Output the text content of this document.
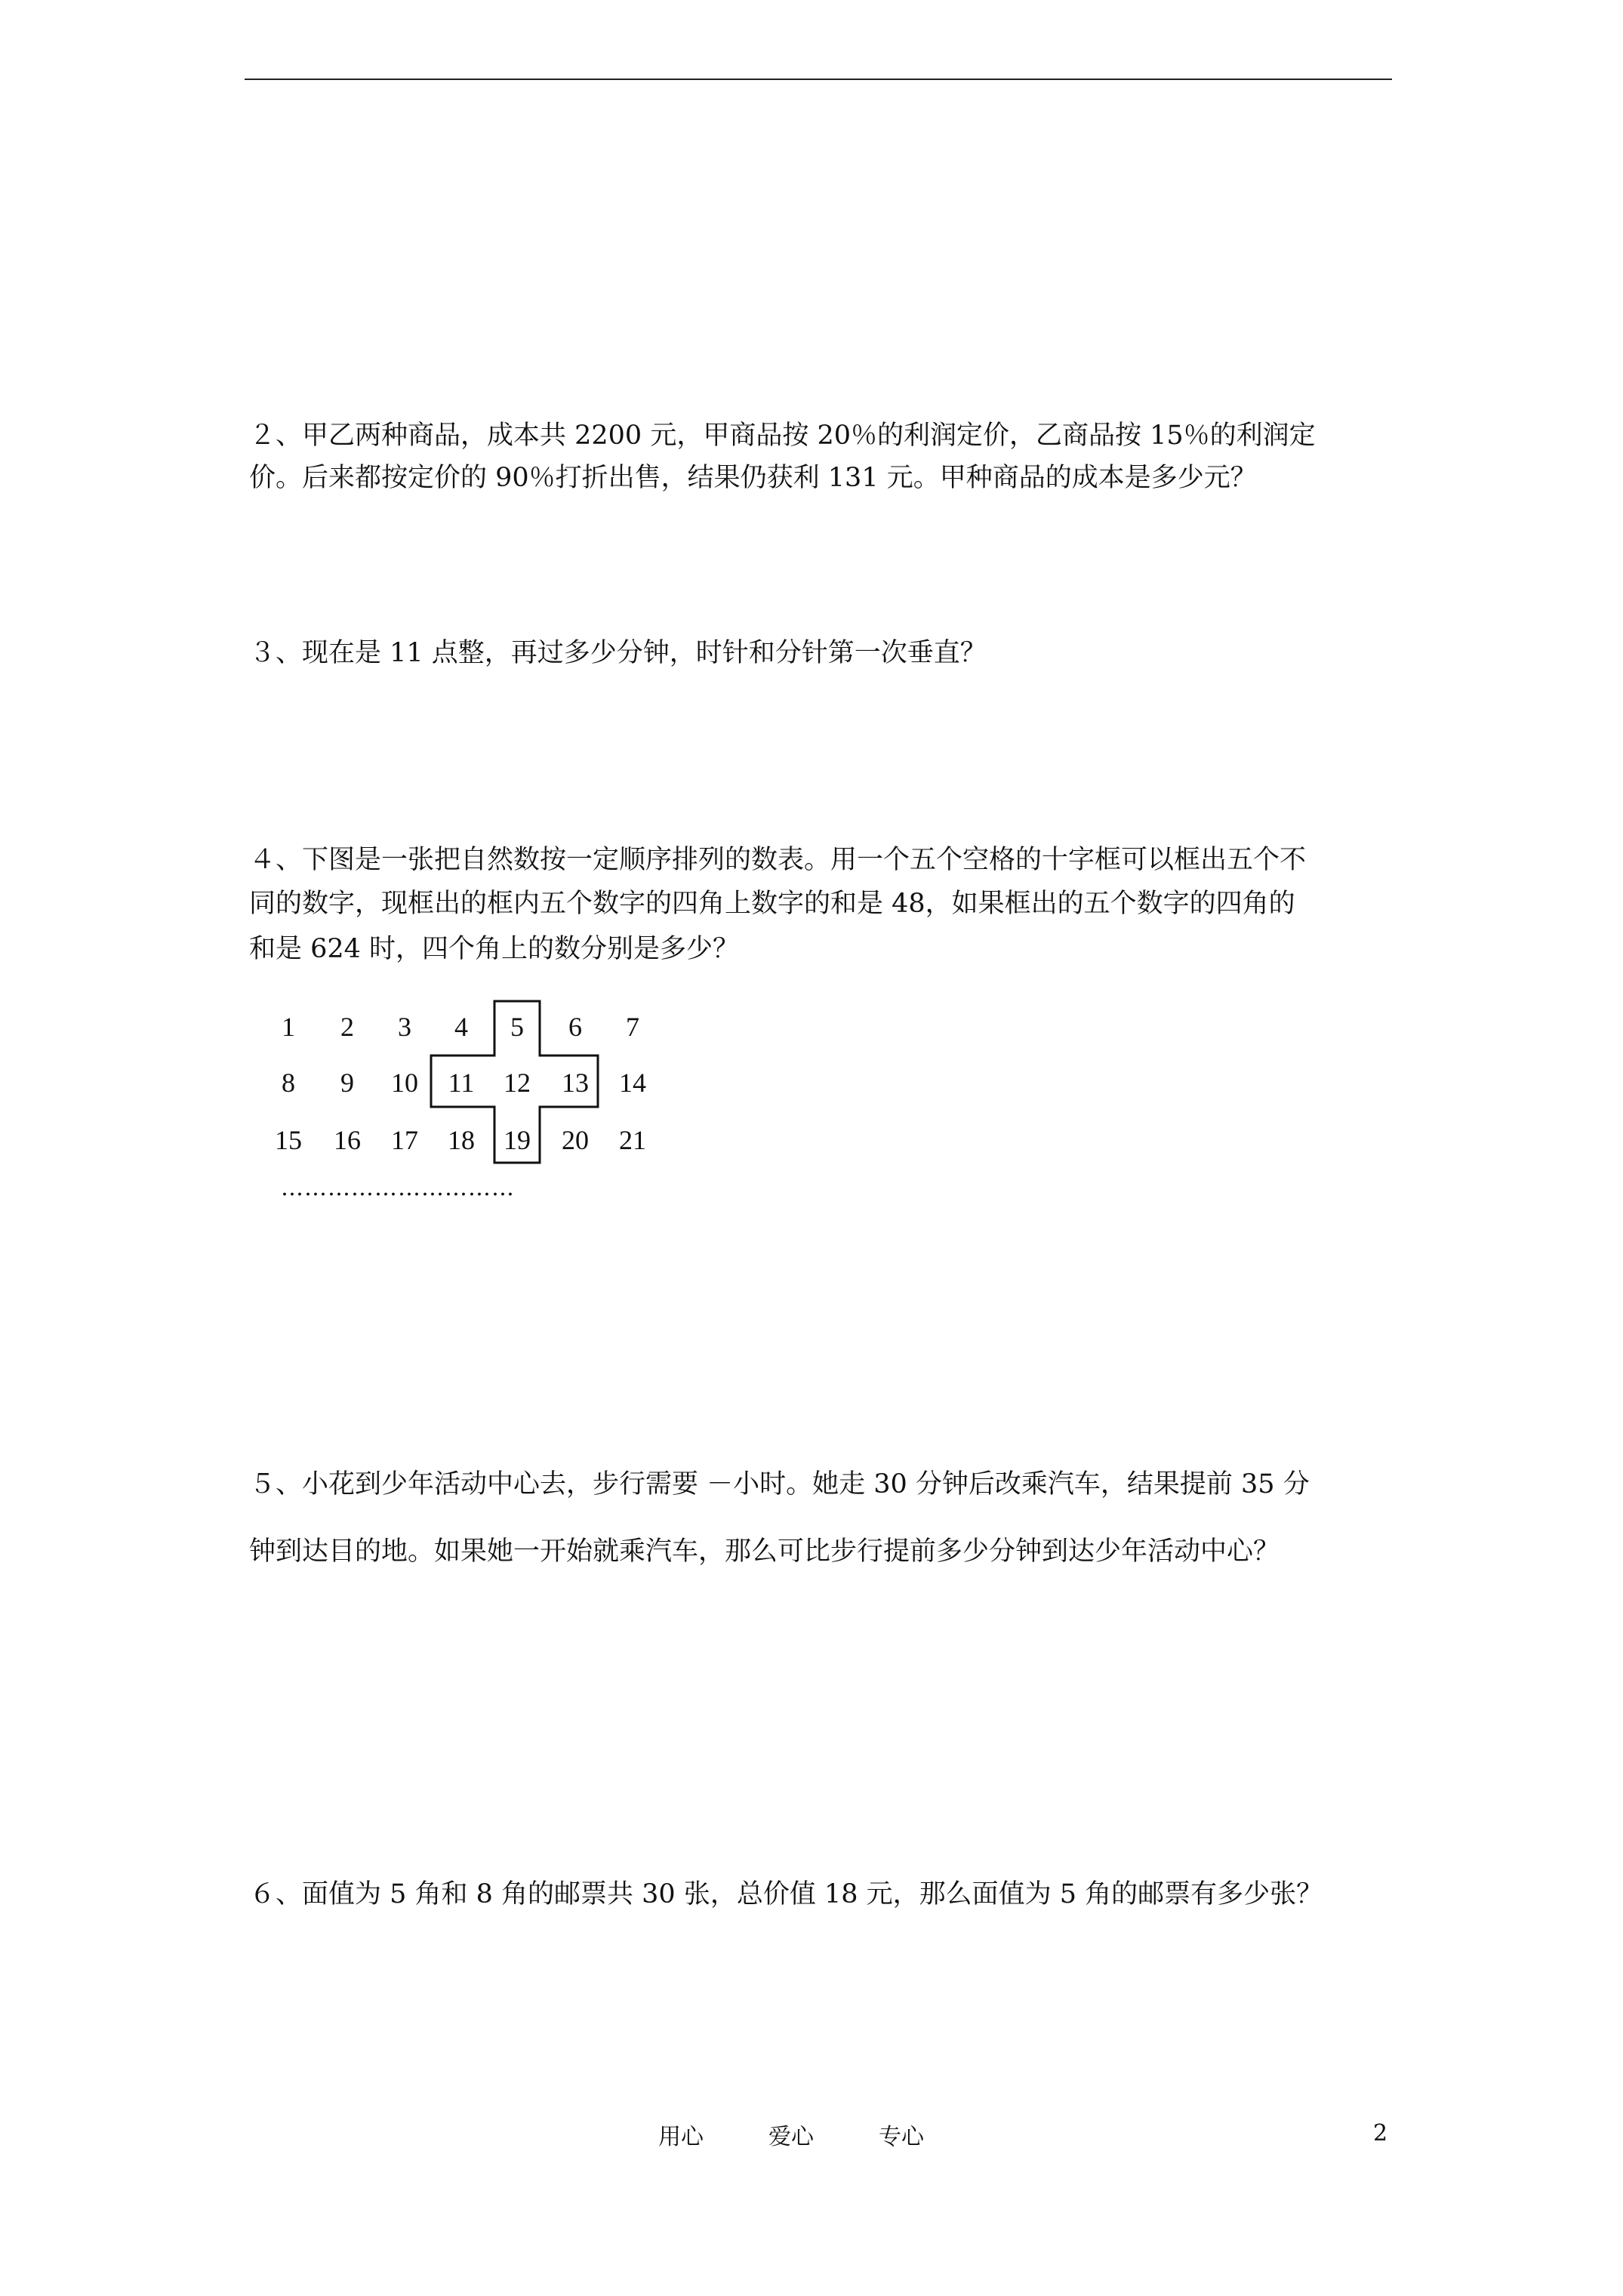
２、甲乙两种商品，成本共 2200 元，甲商品按 20％的利润定价，乙商品按 15％的利润定
价。后来都按定价的 90％打折出售，结果仍获利 131 元。甲种商品的成本是多少元？
３、现在是 11 点整，再过多少分钟，时针和分针第一次垂直？
４、下图是一张把自然数按一定顺序排列的数表。用一个五个空格的十字框可以框出五个不
同的数字，现框出的框内五个数字的四角上数字的和是 48，如果框出的五个数字的四角的
和是 624 时，四个角上的数分别是多少？
1 2 3 4 5 6 7
8 9 10 11 12 13 14
15 16 17 18 19 20 21
…………………………
５、小花到少年活动中心去，步行需要 －小时。她走 30 分钟后改乘汽车，结果提前 35 分
钟到达目的地。如果她一开始就乘汽车，那么可比步行提前多少分钟到达少年活动中心？
６、面值为 5 角和 8 角的邮票共 30 张，总价值 18 元，那么面值为 5 角的邮票有多少张？
用心	爱心	专心	2
